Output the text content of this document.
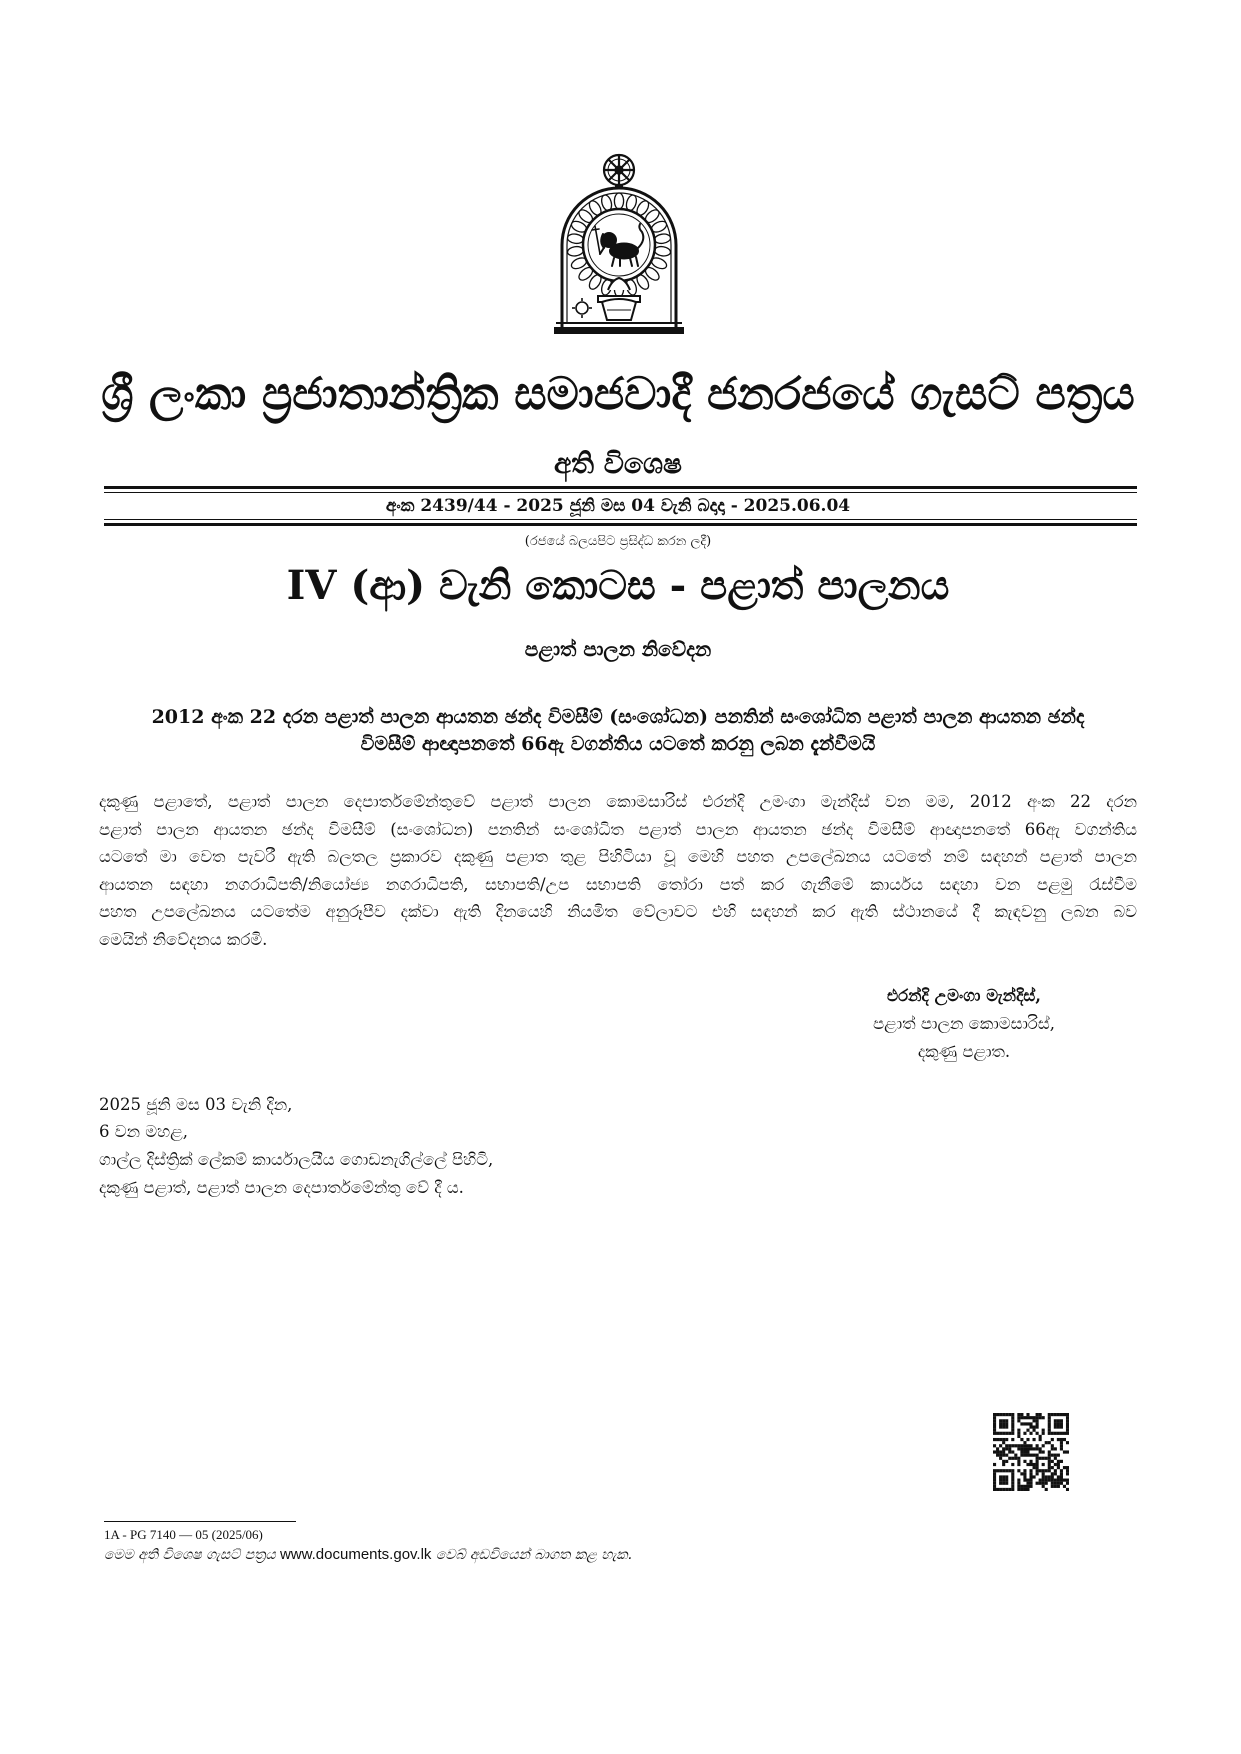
ශ්‍රී ලංකා ප්‍රජාතාන්ත්‍රික සමාජවාදී ජනරජයේ ගැසට් පත්‍රය
අති විශෙෂ
අංක 2439/44 - 2025 ජූනි මස 04 වැනි බදාදා - 2025.06.04
(රජයේ බලයපිට ප්‍රසිද්ධ කරන ලදී)
IV (ආ) වැනි කොටස - පළාත් පාලනය
පළාත් පාලන නිවේදන
2012 අංක 22 දරන පළාත් පාලන ආයතන ඡන්ද විමසීම් (සංශෝධන) පනතින් සංශෝධිත පළාත් පාලන ආයතන ඡන්ද
විමසීම් ආඥාපනතේ 66ඇ වගන්තිය යටතේ කරනු ලබන දැන්වීමයි
දකුණු පළාතේ, පළාත් පාලන දෙපාර්තමේන්තුවේ පළාත් පාලන කොමසාරිස් එරන්දි උමංගා මැන්දිස් වන මම, 2012 අංක 22 දරන
පළාත් පාලන ආයතන ඡන්ද විමසීම් (සංශෝධන) පනතින් සංශෝධිත පළාත් පාලන ආයතන ඡන්ද විමසීම් ආඥාපනතේ 66ඇ වගන්තිය
යටතේ මා වෙත පැවරී ඇති බලතල ප්‍රකාරව දකුණු පළාත තුළ පිහිටියා වූ මෙහි පහත උපලේඛනය යටතේ නම් සඳහන් පළාත් පාලන
ආයතන සඳහා නගරාධිපති/නියෝජ්‍ය නගරාධිපති, සභාපති/උප සභාපති තෝරා පත් කර ගැනීමේ කාර්යය සඳහා වන පළමු රැස්වීම
පහත උපලේඛනය යටතේම අනුරූපීව දක්වා ඇති දිනයෙහි නියමිත වේලාවට එහි සඳහන් කර ඇති ස්ථානයේ දී කැඳවනු ලබන බව
මෙයින් නිවේදනය කරමි.
එරන්දි උමංගා මැන්දිස්,
පළාත් පාලන කොමසාරිස්,
දකුණු පළාත.
2025 ජූනි මස 03 වැනි දින,
6 වන මහළ,
ගාල්ල දිස්ත්‍රික් ලේකම් කාර්යාලයීය ගොඩනැගිල්ලේ පිහිටි,
දකුණු පළාත්, පළාත් පාලන දෙපාර්තමේන්තු වේ දී ය.
1A - PG 7140 — 05 (2025/06)
මෙම අති විශෙෂ ගැසට් පත්‍රය www.documents.gov.lk වෙබ් අඩවියෙන් බාගත කළ හැක.
